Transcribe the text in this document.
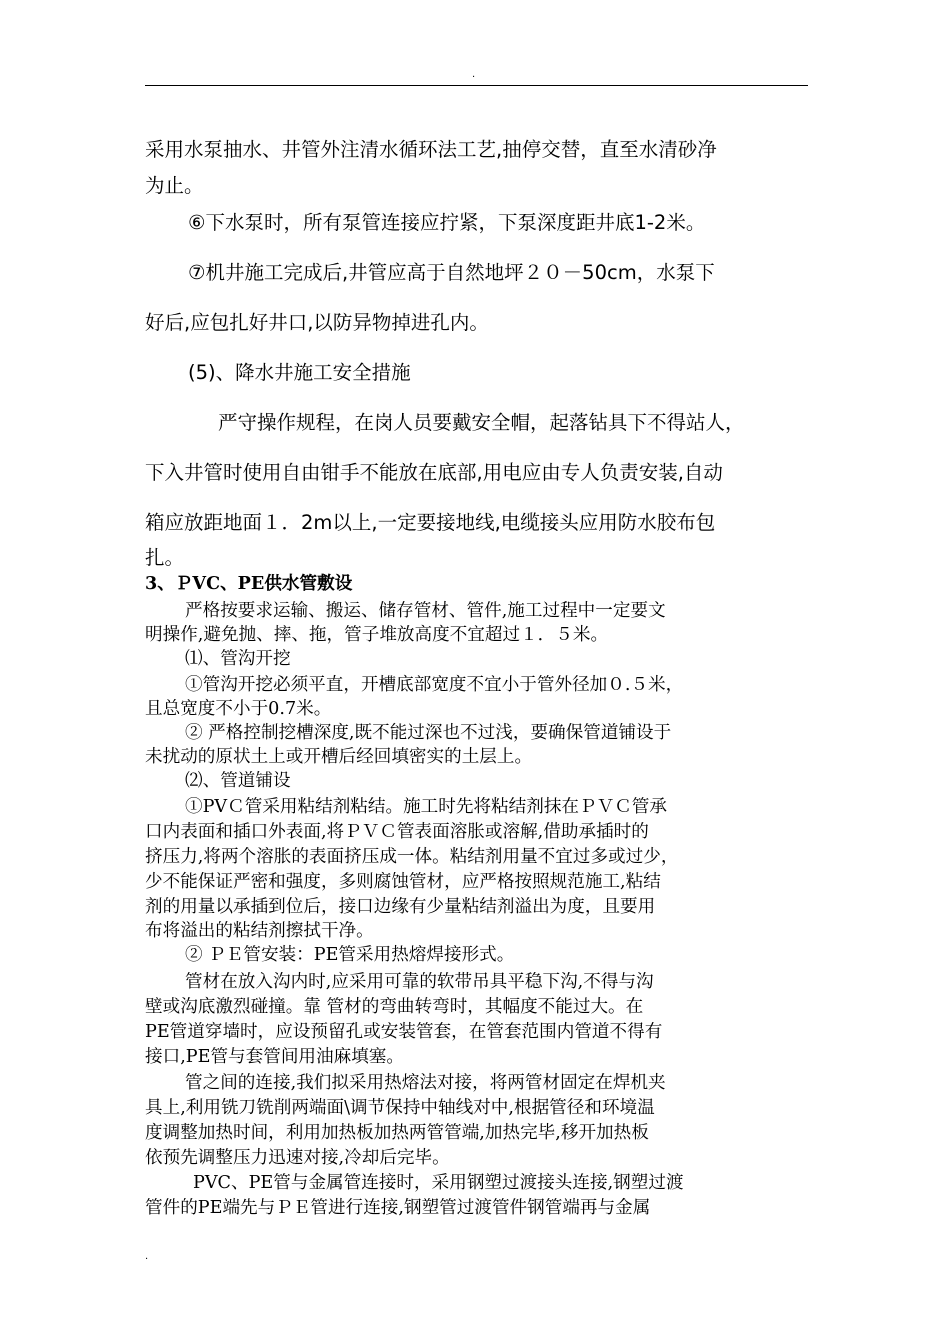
.
采用水泵抽水、井管外注清水循环法工艺,抽停交替，直至水清砂净
为止。
⑥下水泵时，所有泵管连接应拧紧，下泵深度距井底1-2米。
⑦机井施工完成后,井管应高于自然地坪２０－50cm，水泵下
好后,应包扎好井口,以防异物掉进孔内。
(5)、降水井施工安全措施
严守操作规程，在岗人员要戴安全帽，起落钻具下不得站人，
下入井管时使用自由钳手不能放在底部,用电应由专人负责安装,自动
箱应放距地面１．2m以上,一定要接地线,电缆接头应用防水胶布包
扎。
3、ＰVC、PE供水管敷设
严格按要求运输、搬运、储存管材、管件,施工过程中一定要文
明操作,避免抛、摔、拖，管子堆放高度不宜超过１．５米。
⑴、管沟开挖
①管沟开挖必须平直，开槽底部宽度不宜小于管外径加０.５米，
且总宽度不小于0.7米。
② 严格控制挖槽深度,既不能过深也不过浅，要确保管道铺设于
未扰动的原状土上或开槽后经回填密实的土层上。
⑵、管道铺设
①PVＣ管采用粘结剂粘结。施工时先将粘结剂抹在ＰＶＣ管承
口内表面和插口外表面,将ＰＶＣ管表面溶胀或溶解,借助承插时的
挤压力,将两个溶胀的表面挤压成一体。粘结剂用量不宜过多或过少，
少不能保证严密和强度，多则腐蚀管材，应严格按照规范施工,粘结
剂的用量以承插到位后，接口边缘有少量粘结剂溢出为度，且要用
布将溢出的粘结剂擦拭干净。
② ＰＥ管安装：PE管采用热熔焊接形式。
管材在放入沟内时,应采用可靠的软带吊具平稳下沟,不得与沟
壁或沟底激烈碰撞。靠 管材的弯曲转弯时，其幅度不能过大。在
PE管道穿墙时，应设预留孔或安装管套，在管套范围内管道不得有
接口,PE管与套管间用油麻填塞。
管之间的连接,我们拟采用热熔法对接，将两管材固定在焊机夹
具上,利用铣刀铣削两端面\调节保持中轴线对中,根据管径和环境温
度调整加热时间，利用加热板加热两管管端,加热完毕,移开加热板
依预先调整压力迅速对接,冷却后完毕。
PVC、PE管与金属管连接时，采用钢塑过渡接头连接,钢塑过渡
管件的PE端先与ＰＥ管进行连接,钢塑管过渡管件钢管端再与金属
.
